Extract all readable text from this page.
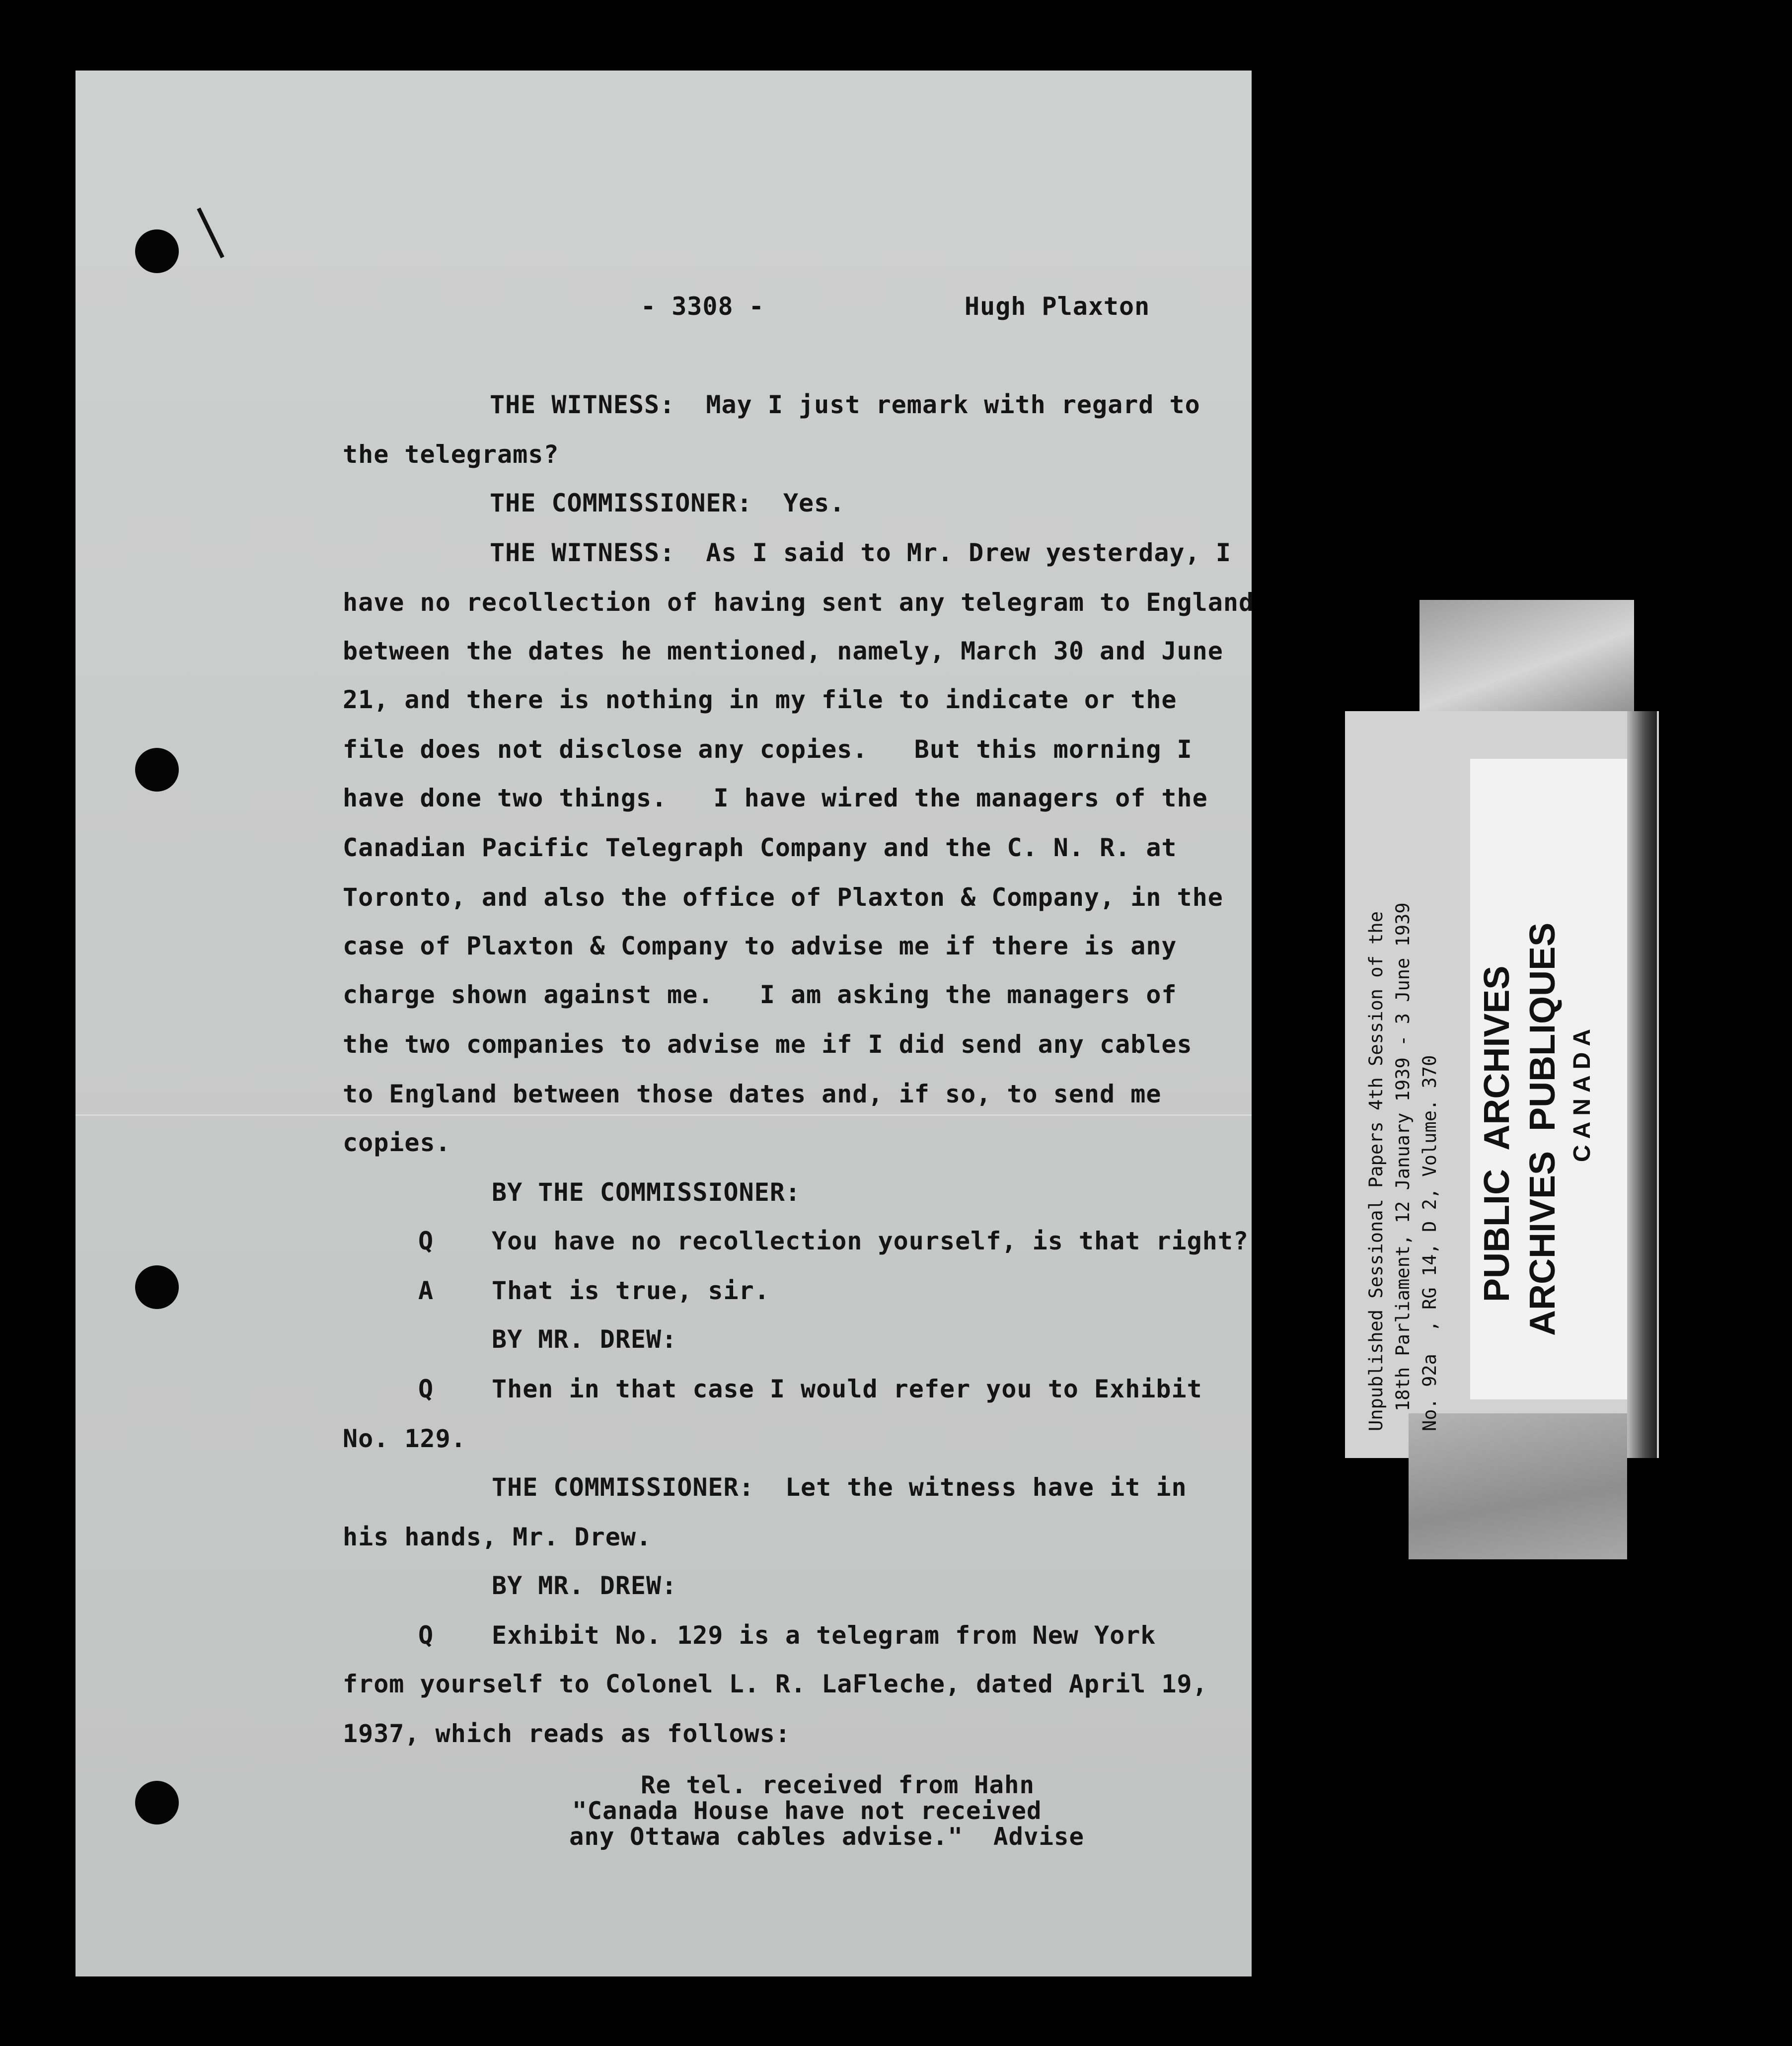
- 3308 -	Hugh Plaxton
THE WITNESS:  May I just remark with regard to
the telegrams?
THE COMMISSIONER:  Yes.
THE WITNESS:  As I said to Mr. Drew yesterday, I
have no recollection of having sent any telegram to England
between the dates he mentioned, namely, March 30 and June
21, and there is nothing in my file to indicate or the
file does not disclose any copies.   But this morning I
have done two things.   I have wired the managers of the
Canadian Pacific Telegraph Company and the C. N. R. at
Toronto, and also the office of Plaxton & Company, in the
case of Plaxton & Company to advise me if there is any
charge shown against me.   I am asking the managers of
the two companies to advise me if I did send any cables
to England between those dates and, if so, to send me
copies.
BY THE COMMISSIONER:
Q You have no recollection yourself, is that right?
A That is true, sir.
BY MR. DREW:
Q Then in that case I would refer you to Exhibit
No. 129.
THE COMMISSIONER:  Let the witness have it in
his hands, Mr. Drew.
BY MR. DREW:
Q Exhibit No. 129 is a telegram from New York
from yourself to Colonel L. R. LaFleche, dated April 19,
1937, which reads as follows:
Re tel. received from Hahn
"Canada House have not received
any Ottawa cables advise."  Advise
Unpublished Sessional Papers 4th Session of the 18th Parliament, 12 January 1939 - 3 June 1939 No. 92a  , RG 14, D 2, Volume. 370 PUBLIC  ARCHIVES ARCHIVES  PUBLIQUES CANADA
